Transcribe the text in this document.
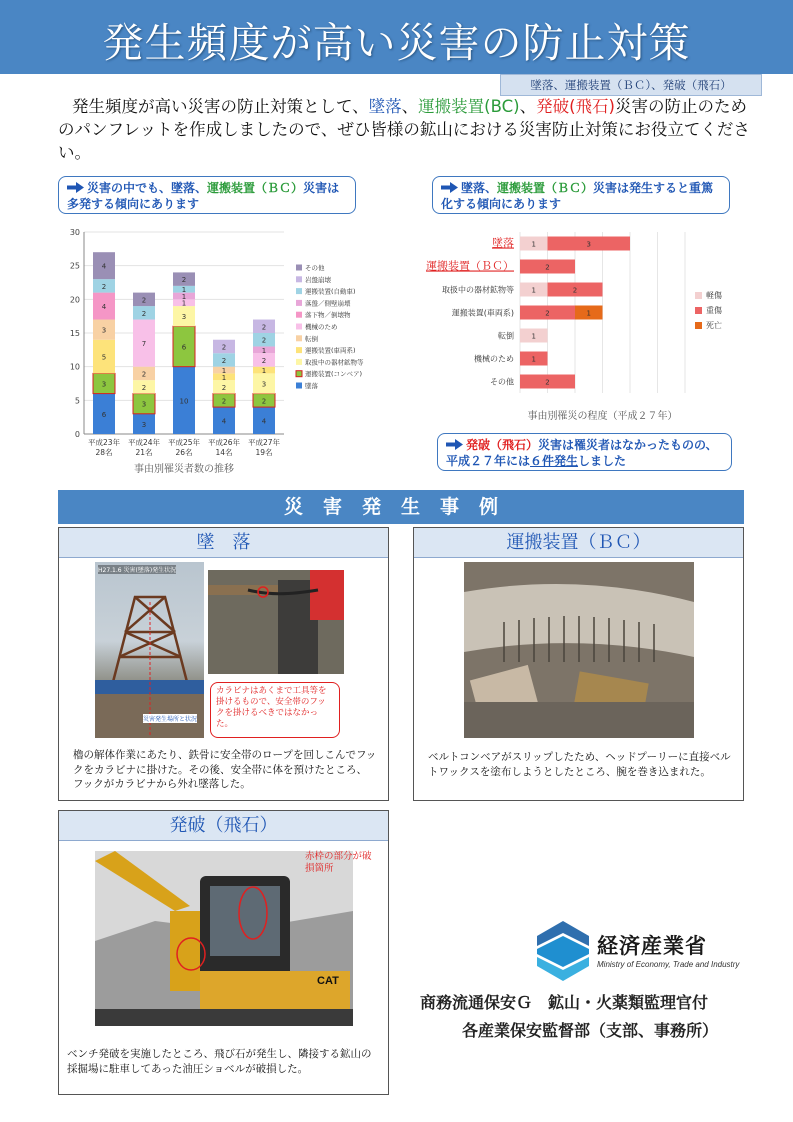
発生頻度が高い災害の防止対策
墜落、運搬装置（ＢＣ）、発破（飛石）
発生頻度が高い災害の防止対策として、墜落、運搬装置(BC)、発破(飛石)災害の防止のためのパンフレットを作成しましたので、ぜひ皆様の鉱山における災害防止対策にお役立てください。
災害の中でも、墜落、運搬装置（ＢＣ）災害は多発する傾向にあります
墜落、運搬装置（ＢＣ）災害は発生すると重篤化する傾向にあります
0
5
10
15
20
25
30
6
3
5
3
4
2
4
平成23年
28名
3
3
2
2
7
2
2
平成24年
21名
10
6
3
1
1
1
2
平成25年
26名
4
2
2
1
1
2
2
平成26年
14名
4
2
3
1
2
1
2
2
平成27年
19名
事由別罹災者数の推移
その他
岩盤崩壊
運搬装置(自動車)
落盤／側壁崩壊
落下物／倒壊物
機械のため
転倒
運搬装置(車両系)
取扱中の器材鉱物等
運搬装置(コンベア)
墜落
墜落	1	3
運搬装置（ＢＣ）	2
取扱中の器材鉱物等	1	2
運搬装置(車両系)	2	1
転倒	1
機械のため	1
その他	2
事由別罹災の程度（平成２７年）
軽傷
重傷
死亡
発破（飛石）災害は罹災者はなかったものの、平成２７年には６件発生しました
災害発生事例
墜　落
H27.1.6 災害(墜落)発生状況
災害発生場所と状況
カラビナはあくまで工具等を掛けるもので、安全帯のフックを掛けるべきではなかった。
櫓の解体作業にあたり、鉄骨に安全帯のロープを回しこんでフックをカラビナに掛けた。その後、安全帯に体を預けたところ、フックがカラビナから外れ墜落した。
運搬装置（ＢＣ）
ベルトコンベアがスリップしたため、ヘッドプーリーに直接ベルトワックスを塗布しようとしたところ、腕を巻き込まれた。
発破（飛石）
CAT
赤枠の部分が破損箇所
ベンチ発破を実施したところ、飛び石が発生し、隣接する鉱山の採掘場に駐車してあった油圧ショベルが破損した。
経済産業省
Ministry of Economy, Trade and Industry
商務流通保安Ｇ　鉱山・火薬類監理官付
各産業保安監督部（支部、事務所）
